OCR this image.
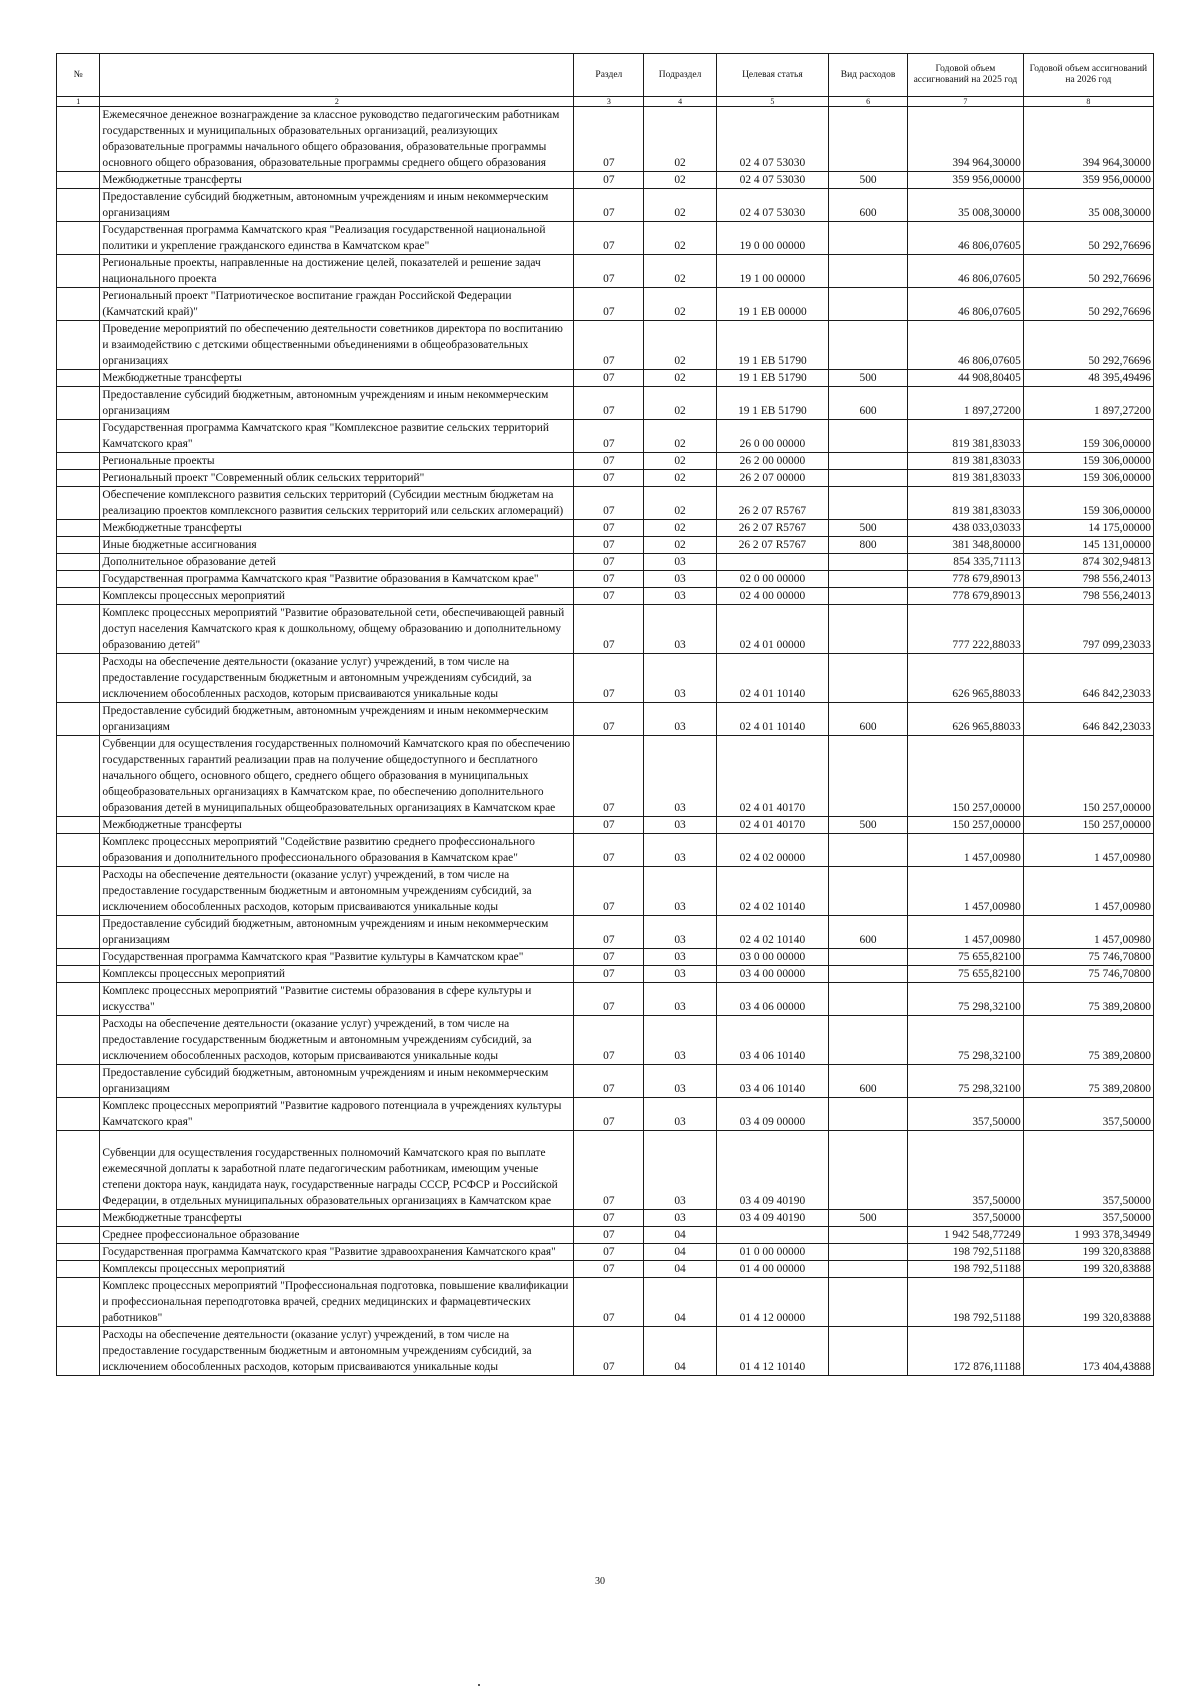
№		Раздел	Подраздел	Целевая статья	Вид расходов	Годовой объем ассигнований на 2025 год	Годовой объем ассигнований на 2026 год
1	2	3	4	5	6	7	8
	Ежемесячное денежное вознаграждение за классное руководство педагогическим работникам государственных и муниципальных образовательных организаций, реализующих образовательные программы начального общего образования, образовательные программы основного общего образования, образовательные программы среднего общего образования	07	02	02 4 07 53030		394 964,30000	394 964,30000
	Межбюджетные трансферты	07	02	02 4 07 53030	500	359 956,00000	359 956,00000
	Предоставление субсидий бюджетным, автономным учреждениям и иным некоммерческим организациям	07	02	02 4 07 53030	600	35 008,30000	35 008,30000
	Государственная программа Камчатского края "Реализация государственной национальной политики и укрепление гражданского единства в Камчатском крае"	07	02	19 0 00 00000		46 806,07605	50 292,76696
	Региональные проекты, направленные на достижение целей, показателей и решение задач национального проекта	07	02	19 1 00 00000		46 806,07605	50 292,76696
	Региональный проект "Патриотическое воспитание граждан Российской Федерации (Камчатский край)"	07	02	19 1 EB 00000		46 806,07605	50 292,76696
	Проведение мероприятий по обеспечению деятельности советников директора по воспитанию и взаимодействию с детскими общественными объединениями в общеобразовательных организациях	07	02	19 1 EB 51790		46 806,07605	50 292,76696
	Межбюджетные трансферты	07	02	19 1 EB 51790	500	44 908,80405	48 395,49496
	Предоставление субсидий бюджетным, автономным учреждениям и иным некоммерческим организациям	07	02	19 1 EB 51790	600	1 897,27200	1 897,27200
	Государственная программа Камчатского края "Комплексное развитие сельских территорий Камчатского края"	07	02	26 0 00 00000		819 381,83033	159 306,00000
	Региональные проекты	07	02	26 2 00 00000		819 381,83033	159 306,00000
	Региональный проект "Современный облик сельских территорий"	07	02	26 2 07 00000		819 381,83033	159 306,00000
	Обеспечение комплексного развития сельских территорий (Субсидии местным бюджетам на реализацию проектов комплексного развития сельских территорий или сельских агломераций)	07	02	26 2 07 R5767		819 381,83033	159 306,00000
	Межбюджетные трансферты	07	02	26 2 07 R5767	500	438 033,03033	14 175,00000
	Иные бюджетные ассигнования	07	02	26 2 07 R5767	800	381 348,80000	145 131,00000
	Дополнительное образование детей	07	03			854 335,71113	874 302,94813
	Государственная программа Камчатского края "Развитие образования в Камчатском крае"	07	03	02 0 00 00000		778 679,89013	798 556,24013
	Комплексы процессных мероприятий	07	03	02 4 00 00000		778 679,89013	798 556,24013
	Комплекс процессных мероприятий "Развитие образовательной сети, обеспечивающей равный доступ населения Камчатского края к дошкольному, общему образованию и дополнительному образованию детей"	07	03	02 4 01 00000		777 222,88033	797 099,23033
	Расходы на обеспечение деятельности (оказание услуг) учреждений, в том числе на предоставление государственным бюджетным и автономным учреждениям субсидий, за исключением обособленных расходов, которым присваиваются уникальные коды	07	03	02 4 01 10140		626 965,88033	646 842,23033
	Предоставление субсидий бюджетным, автономным учреждениям и иным некоммерческим организациям	07	03	02 4 01 10140	600	626 965,88033	646 842,23033
	Субвенции для осуществления государственных полномочий Камчатского края по обеспечению государственных гарантий реализации прав на получение общедоступного и бесплатного начального общего, основного общего, среднего общего образования в муниципальных общеобразовательных организациях в Камчатском крае, по обеспечению дополнительного образования детей в муниципальных общеобразовательных организациях в Камчатском крае	07	03	02 4 01 40170		150 257,00000	150 257,00000
	Межбюджетные трансферты	07	03	02 4 01 40170	500	150 257,00000	150 257,00000
	Комплекс процессных мероприятий "Содействие развитию среднего профессионального образования и дополнительного профессионального образования в Камчатском крае"	07	03	02 4 02 00000		1 457,00980	1 457,00980
	Расходы на обеспечение деятельности (оказание услуг) учреждений, в том числе на предоставление государственным бюджетным и автономным учреждениям субсидий, за исключением обособленных расходов, которым присваиваются уникальные коды	07	03	02 4 02 10140		1 457,00980	1 457,00980
	Предоставление субсидий бюджетным, автономным учреждениям и иным некоммерческим организациям	07	03	02 4 02 10140	600	1 457,00980	1 457,00980
	Государственная программа Камчатского края "Развитие культуры в Камчатском крае"	07	03	03 0 00 00000		75 655,82100	75 746,70800
	Комплексы процессных мероприятий	07	03	03 4 00 00000		75 655,82100	75 746,70800
	Комплекс процессных мероприятий "Развитие системы образования в сфере культуры и искусства"	07	03	03 4 06 00000		75 298,32100	75 389,20800
	Расходы на обеспечение деятельности (оказание услуг) учреждений, в том числе на предоставление государственным бюджетным и автономным учреждениям субсидий, за исключением обособленных расходов, которым присваиваются уникальные коды	07	03	03 4 06 10140		75 298,32100	75 389,20800
	Предоставление субсидий бюджетным, автономным учреждениям и иным некоммерческим организациям	07	03	03 4 06 10140	600	75 298,32100	75 389,20800
	Комплекс процессных мероприятий "Развитие кадрового потенциала в учреждениях культуры Камчатского края"	07	03	03 4 09 00000		357,50000	357,50000
	Субвенции для осуществления государственных полномочий Камчатского края по выплате ежемесячной доплаты к заработной плате педагогическим работникам, имеющим ученые степени доктора наук, кандидата наук, государственные награды СССР, РСФСР и Российской Федерации, в отдельных муниципальных образовательных организациях в Камчатском крае	07	03	03 4 09 40190		357,50000	357,50000
	Межбюджетные трансферты	07	03	03 4 09 40190	500	357,50000	357,50000
	Среднее профессиональное образование	07	04			1 942 548,77249	1 993 378,34949
	Государственная программа Камчатского края "Развитие здравоохранения Камчатского края"	07	04	01 0 00 00000		198 792,51188	199 320,83888
	Комплексы процессных мероприятий	07	04	01 4 00 00000		198 792,51188	199 320,83888
	Комплекс процессных мероприятий "Профессиональная подготовка, повышение квалификации и профессиональная переподготовка врачей, средних медицинских и фармацевтических работников"	07	04	01 4 12 00000		198 792,51188	199 320,83888
	Расходы на обеспечение деятельности (оказание услуг) учреждений, в том числе на предоставление государственным бюджетным и автономным учреждениям субсидий, за исключением обособленных расходов, которым присваиваются уникальные коды	07	04	01 4 12 10140		172 876,11188	173 404,43888
30
